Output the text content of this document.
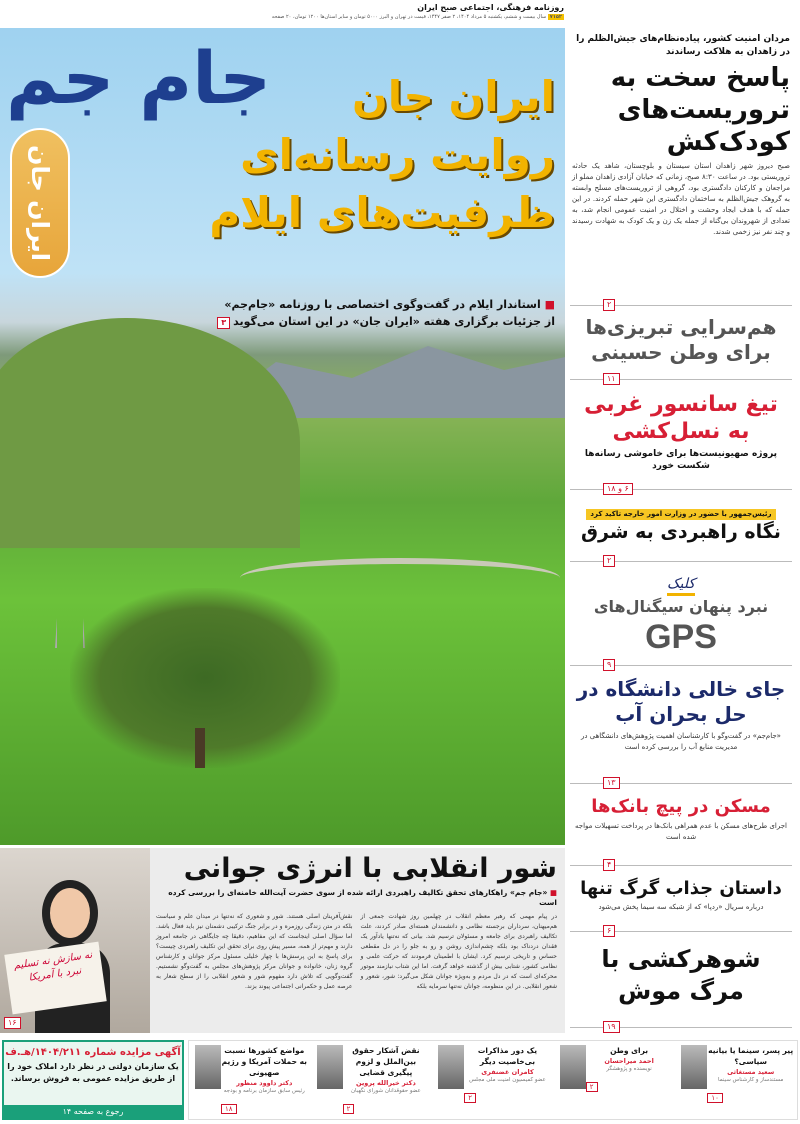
روزنامه فرهنگی، اجتماعی صبح ایران
۷۱۵۲ سال بیست و ششم، یکشنبه ۵ مرداد ۱۴۰۴، ۲ صفر ۱۴۴۷، قیمت در تهران و البرز ۵۰۰۰ تومان و سایر استان‌ها ۱۲۰۰ تومان، ۲۰ صفحه
جام جم
ایران جان
ایران جان
روایت رسانه‌ای
ظرفیت‌های ایلام
■ استاندار ایلام در گفت‌وگوی اختصاصی با روزنامه «جام‌جم»
از جزئیات برگزاری هفته «ایران جان» در این استان می‌گوید۳
مردان امنیت کشور، پیاده‌نظام‌های جیش‌الظلم را در زاهدان به هلاکت رساندند
پاسخ سخت به تروریست‌های کودک‌کش
صبح دیروز شهر زاهدان استان سیستان و بلوچستان، شاهد یک حادثه تروریستی بود. در ساعت ۸:۳۰ صبح، زمانی که خیابان آزادی زاهدان مملو از مراجعان و کارکنان دادگستری بود، گروهی از تروریست‌های مسلح وابسته به گروهک جیش‌الظلم به ساختمان دادگستری این شهر حمله کردند. در این حمله که با هدف ایجاد وحشت و اختلال در امنیت عمومی انجام شد، به تعدادی از شهروندان بی‌گناه از جمله یک زن و یک کودک به شهادت رسیدند و چند نفر نیز زخمی شدند.
۲
هم‌سرایی تبریزی‌ها برای وطن حسینی
۱۱
تیغ سانسور غربی به نسل‌کشی
پروژه صهیونیست‌ها برای خاموشی رسانه‌ها شکست خورد
۶ و ۱۸
رئیس‌جمهور با حضور در وزارت امور خارجه تاکید کرد
نگاه راهبردی به شرق
۲
کلیک
نبرد پنهان سیگنال‌های
GPS
۹
جای خالی دانشگاه در حل بحران آب
«جام‌جم» در گفت‌وگو با کارشناسان اهمیت پژوهش‌های دانشگاهی در مدیریت منابع آب را بررسی کرده است
۱۳
مسکن در پیچ بانک‌ها
اجرای طرح‌های مسکن با عدم همراهی بانک‌ها در پرداخت تسهیلات مواجه شده است
۴
داستان جذاب گرگ تنها
درباره سریال «ردپا» که از شبکه سه سیما پخش می‌شود
۶
شوهرکشی با مرگ موش
۱۹
نه سازش نه تسلیم نبرد با آمریکا
۱۶
شور انقلابی با انرژی جوانی
■ «جام جم» راهکارهای تحقق تکالیف راهبردی ارائه شده از سوی حضرت آیت‌الله خامنه‌ای را بررسی کرده است
در پیام مهمی که رهبر معظم انقلاب در چهلمین روز شهادت جمعی از هم‌میهنان، سرداران برجسته نظامی و دانشمندان هسته‌ای صادر کردند، علت تکالیف راهبردی برای جامعه و مسئولان ترسیم شد. بیانی که نه‌تنها یادآور یک فقدان دردناک بود بلکه چشم‌اندازی روشن و رو به جلو را در دل مقطعی حساس و تاریخی ترسیم کرد. ایشان با اطمینان فرمودند که حرکت علمی و نظامی کشور، شتابی بیش از گذشته خواهد گرفت. اما این شتاب نیازمند موتور محرکه‌ای است که در دل مردم و به‌ویژه جوانان شکل می‌گیرد: شور، شعور و شعور انقلابی. در این منظومه، جوانان نه‌تنها سرمایه بلکه
نقش‌آفرینان اصلی هستند. شور و شعوری که نه‌تنها در میدان علم و سیاست بلکه در متن زندگی روزمره و در برابر جنگ ترکیبی دشمنان نیز باید فعال باشد. اما سؤال اصلی اینجاست که این مفاهیم، دقیقا چه جایگاهی در جامعه امروز دارند و مهم‌تر از همه، مسیر پیش روی برای تحقق این تکلیف راهبردی چیست؟ برای پاسخ به این پرسش‌ها با چهار خلیلی مسئول مرکز جوانان و کارشناس گروه زنان، خانواده و جوانان مرکز پژوهش‌های مجلس به گفت‌وگو نشستیم. گفت‌وگویی که تلاش دارد مفهوم شور و شعور انقلابی را از سطح شعار به عرصه عمل و حکمرانی اجتماعی پیوند بزند.
آگهی مزایده شماره ۱۴۰۴/۲۱۱/هـ.ف
یک سازمان دولتی در نظر دارد املاک خود را از طریق مزایده عمومی به فروش برساند.
رجوع به صفحه ۱۴
مواضع کشورها نسبت به حملات آمریکا و رژیم صهیونی
دکتر داوود منظور
رئیس سابق سازمان برنامه و بودجه
۱۸
نقض آشکار حقوق بین‌الملل و لزوم پیگیری قضایی
دکتر خیرالله پروین
عضو حقوقدانان شورای نگهبان
۲
یک دور مذاکرات بی‌خاصیت دیگر
کامران غضنفری
عضو کمیسیون امنیت ملی مجلس
۲
برای وطن
احمد میراحسان
نویسنده و پژوهشگر
۲
پیر پسر، سینما یا بیانیه سیاسی؟
سعید مستغاثی
مستندساز و کارشناس سینما
۱۰
